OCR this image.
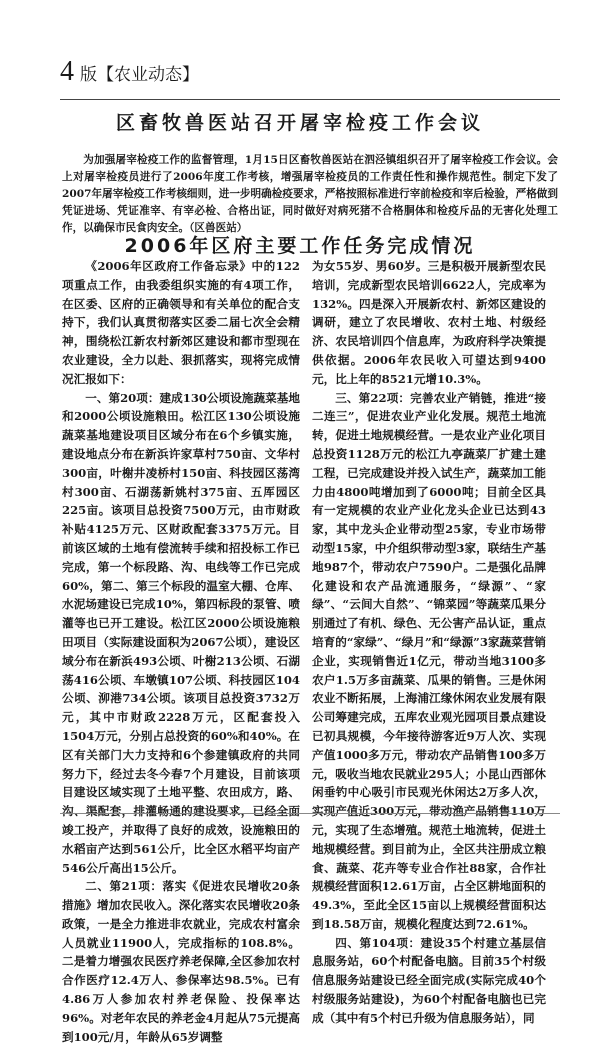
4 版 【农业动态】
区畜牧兽医站召开屠宰检疫工作会议

为加强屠宰检疫工作的监督管理，1月15日区畜牧兽医站在泗泾镇组织召开了屠宰检疫工作会议。会上对屠宰检疫员进行了2006年度工作考核，增强屠宰检疫员的工作责任性和操作规范性。制定下发了2007年屠宰检疫工作考核细则，进一步明确检疫要求，严格按照标准进行宰前检疫和宰后检验，严格做到凭证进场、凭证准宰、有宰必检、合格出证，同时做好对病死猪不合格胴体和检疫斥品的无害化处理工作，以确保市民食肉安全。（区兽医站）

2006年区府主要工作任务完成情况

《2006年区政府工作备忘录》中的122项重点工作，由我委组织实施的有4项工作，在区委、区府的正确领导和有关单位的配合支持下，我们认真贯彻落实区委二届七次全会精神，围绕松江新农村新郊区建设和都市型现在农业建设，全力以赴、狠抓落实，现将完成情况汇报如下：

一、第20项：建成130公顷设施蔬菜基地和2000公顷设施粮田。松江区130公顷设施蔬菜基地建设项目区域分布在6个乡镇实施，建设地点分布在新浜许家草村750亩、文华村300亩，叶榭井凌桥村150亩、科技园区荡湾村300亩、石湖荡新姚村375亩、五厍园区225亩。该项目总投资7500万元，由市财政补贴4125万元、区财政配套3375万元。目前该区域的土地有偿流转手续和招投标工作已完成，第一个标段路、沟、电线等工作已完成60%，第二、第三个标段的温室大棚、仓库、水泥场建设已完成10%，第四标段的泵管、喷灌等也已开工建设。松江区2000公顷设施粮田项目（实际建设面积为2067公顷），建设区域分布在新浜493公顷、叶榭213公顷、石湖荡416公顷、车墩镇107公顷、科技园区104公顷、泖港734公顷。该项目总投资3732万元，其中市财政2228万元，区配套投入1504万元，分别占总投资的60%和40%。在区有关部门大力支持和6个参建镇政府的共同努力下，经过去冬今春7个月建设，目前该项目建设区域实现了土地平整、农田成方，路、沟、渠配套，排灌畅通的建设要求，已经全面竣工投产，并取得了良好的成效，设施粮田的水稻亩产达到561公斤，比全区水稻平均亩产546公斤高出15公斤。

二、第21项：落实《促进农民增收20条措施》增加农民收入。深化落实农民增收20条政策，一是全力推进非农就业，完成农村富余人员就业11900人，完成指标的108.8%。二是着力增强农民医疗养老保障,全区参加农村合作医疗12.4万人、参保率达98.5%。已有4.86万人参加农村养老保险、投保率达96%。对老年农民的养老金4月起从75元提高到100元/月，年龄从65岁调整

为女55岁、男60岁。三是积极开展新型农民培训，完成新型农民培训6622人，完成率为132%。四是深入开展新农村、新郊区建设的调研，建立了农民增收、农村土地、村级经济、农民培训四个信息库，为政府科学决策提供依据。2006年农民收入可望达到9400元，比上年的8521元增10.3%。

三、第22项：完善农业产销链，推进“接二连三”，促进农业产业化发展。规范土地流转，促进土地规模经营。一是农业产业化项目总投资1128万元的松江九亭蔬菜厂扩建土建工程，已完成建设并投入试生产，蔬菜加工能力由4800吨增加到了6000吨；目前全区具有一定规模的农业产业化龙头企业已达到43家，其中龙头企业带动型25家，专业市场带动型15家，中介组织带动型3家，联结生产基地987个，带动农户7590户。二是强化品牌化建设和农产品流通服务，“绿源”、“家绿”、“云间大自然”、“锦菜园”等蔬菜瓜果分别通过了有机、绿色、无公害产品认证，重点培育的“家绿”、“绿月”和“绿源”3家蔬菜营销企业，实现销售近1亿元，带动当地3100多农户1.5万多亩蔬菜、瓜果的销售。三是休闲农业不断拓展，上海浦江缘休闲农业发展有限公司筹建完成，五库农业观光园项目景点建设已初具规模，今年接待游客近9万人次、实现产值1000多万元，带动农产品销售100多万元，吸收当地农民就业295人；小昆山西部休闲垂钓中心吸引市民观光休闲达2万多人次，实现产值近300万元，带动渔产品销售110万元，实现了生态增殖。规范土地流转，促进土地规模经营。到目前为止，全区共注册成立粮食、蔬菜、花卉等专业合作社88家，合作社规模经营面积12.61万亩，占全区耕地面积的49.3%，至此全区15亩以上规模经营面积达到18.58万亩，规模化程度达到72.61%。

四、第104项：建设35个村建立基层信息服务站，60个村配备电脑。目前35个村级信息服务站建设已经全面完成(实际完成40个村级服务站建设)，为60个村配备电脑也已完成（其中有5个村已升级为信息服务站），同
